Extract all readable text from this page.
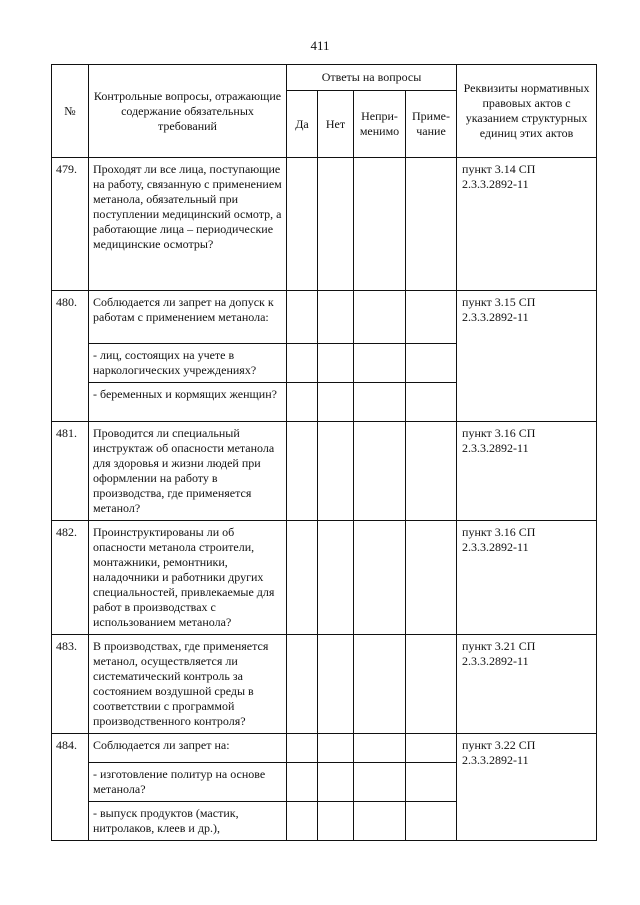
411
№	Контрольные вопросы, отражающие содержание обязательных требований	Ответы на вопросы				Реквизиты нормативных правовых актов с указанием структурных единиц этих актов
		Да	Нет	Непри-менимо	Приме-чание	
479.	Проходят ли все лица, поступающие на работу, связанную с применением метанола, обязательный при поступлении медицинский осмотр, а работающие лица – периодические медицинские осмотры?					пункт 3.14 СП 2.3.3.2892-11
480.	Соблюдается ли запрет на допуск к работам с применением метанола:					пункт 3.15 СП 2.3.3.2892-11
	- лиц, состоящих на учете в наркологических учреждениях?					
	- беременных и кормящих женщин?					
481.	Проводится ли специальный инструктаж об опасности метанола для здоровья и жизни людей при оформлении на работу в производства, где применяется метанол?					пункт 3.16 СП 2.3.3.2892-11
482.	Проинструктированы ли об опасности метанола строители, монтажники, ремонтники, наладочники и работники других специальностей, привлекаемые для работ в производствах с использованием метанола?					пункт 3.16 СП 2.3.3.2892-11
483.	В производствах, где применяется метанол, осуществляется ли систематический контроль за состоянием воздушной среды в соответствии с программой производственного контроля?					пункт 3.21 СП 2.3.3.2892-11
484.	Соблюдается ли запрет на:					пункт 3.22 СП 2.3.3.2892-11
	- изготовление политур на основе метанола?					
	- выпуск продуктов (мастик, нитролаков, клеев и др.),					
